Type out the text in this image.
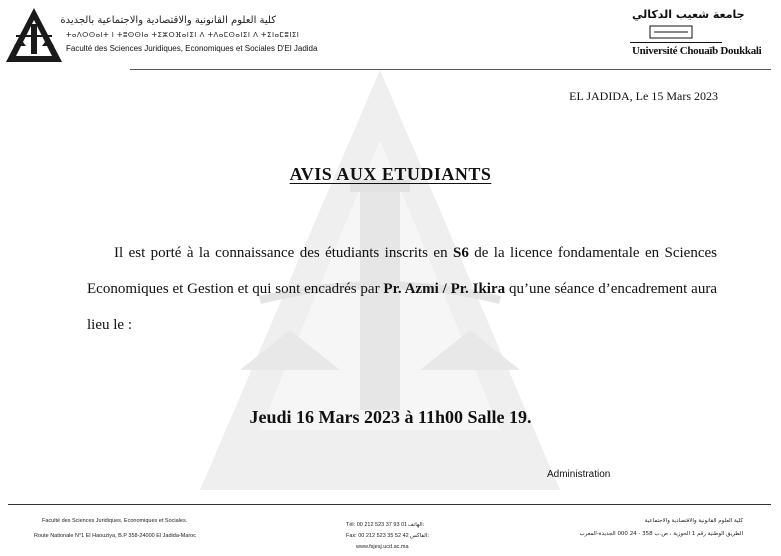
كلية العلوم القانونية والاقتصادية والاجتماعية بالجديدة
ⵜⴰⴷⵔⵙⴰⵏⵜ ⵏ ⵜⵓⵙⵙⵏⴰ ⵜⵉⵣⵔⴼⴰⵏⵉⵏ ⴷ ⵜⴷⴰⵎⵙⴰⵏⵉⵏ ⴷ ⵜⵉⵏⴰⵎⵓⵏⵉⵏ
Faculté des Sciences Juridiques, Economiques et Sociales D'El Jadida
جامعة شعيب الدكالي
Université Chouaïb Doukkali
EL JADIDA, Le 15 Mars 2023
AVIS AUX ETUDIANTS

Il est porté à la connaissance des étudiants inscrits en S6 de la licence fondamentale en Sciences Economiques et Gestion et qui sont encadrés par Pr. Azmi / Pr. Ikira qu’une séance d’encadrement aura lieu le :

Jeudi 16 Mars 2023 à 11h00 Salle 19.
Administration
Faculté des Sciences Juridiques, Economiques et Sociales.
Route Nationale N°1 El Haouziya, B.P 358-24000 El Jadida-Maroc
Tél: 00 212 523 37 93 01 :الهاتف
Fax: 00 212 523 35 52 42 :الفاكس
www.fsjesj.ucd.ac.ma
كلية العلوم القانونية والاقتصادية والاجتماعية
الطريق الوطنية رقم 1 الحوزية ، ص.ب 358 - 24 000 الجديدة-المغرب
